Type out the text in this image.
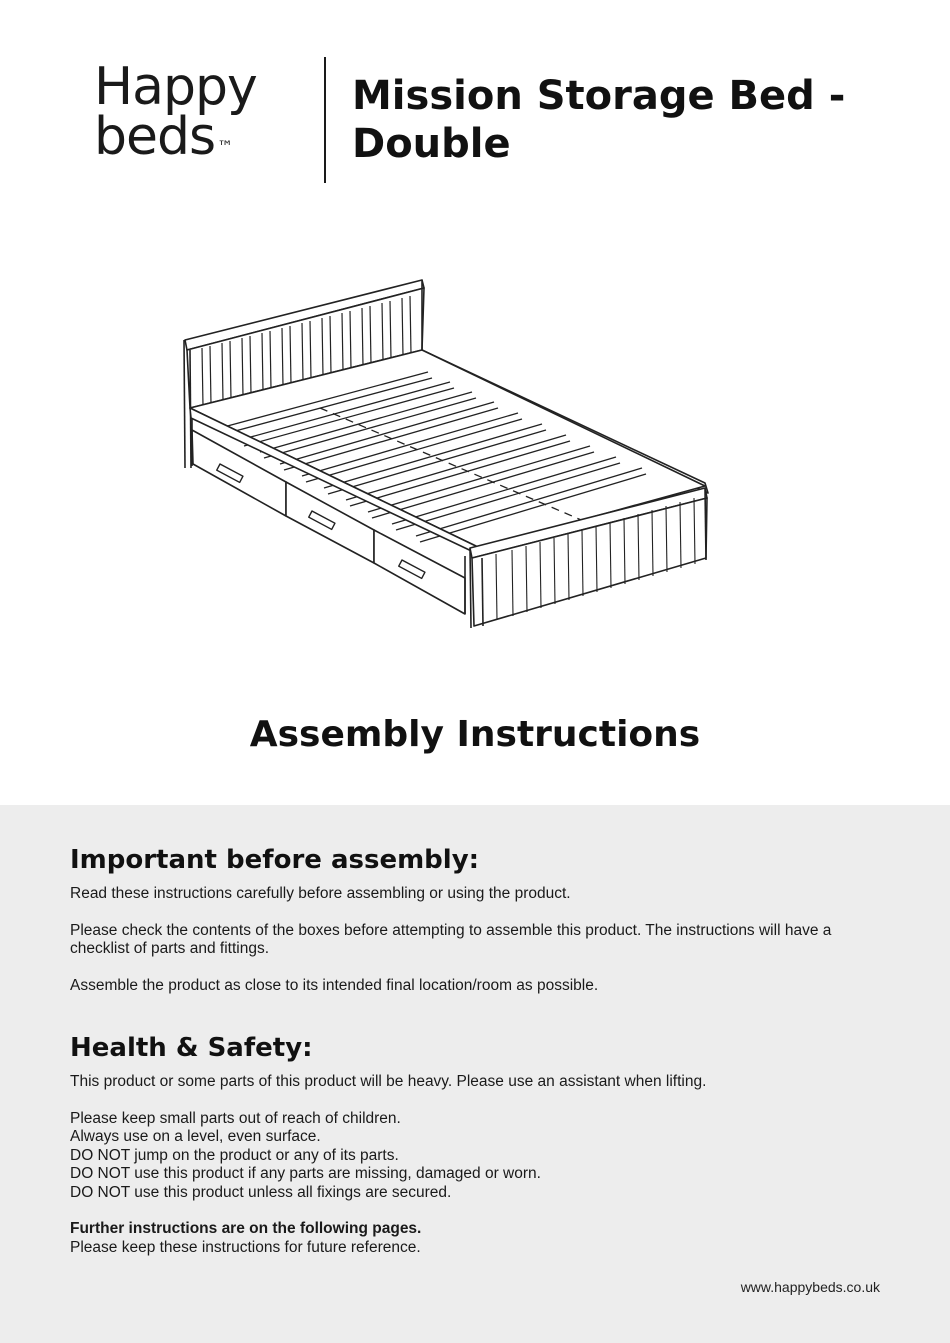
Happy
beds ™
Mission Storage Bed - Double
Assembly Instructions
Important before assembly:

Read these instructions carefully before assembling or using the product.

Please check the contents of the boxes before attempting to assemble this product. The instructions will have a checklist of parts and fittings.

Assemble the product as close to its intended final location/room as possible.

Health & Safety:

This product or some parts of this product will be heavy. Please use an assistant when lifting.

Please keep small parts out of reach of children.
Always use on a level, even surface.
DO NOT jump on the product or any of its parts.
DO NOT use this product if any parts are missing, damaged or worn.
DO NOT use this product unless all fixings are secured.

Further instructions are on the following pages.
Please keep these instructions for future reference.

www.happybeds.co.uk
